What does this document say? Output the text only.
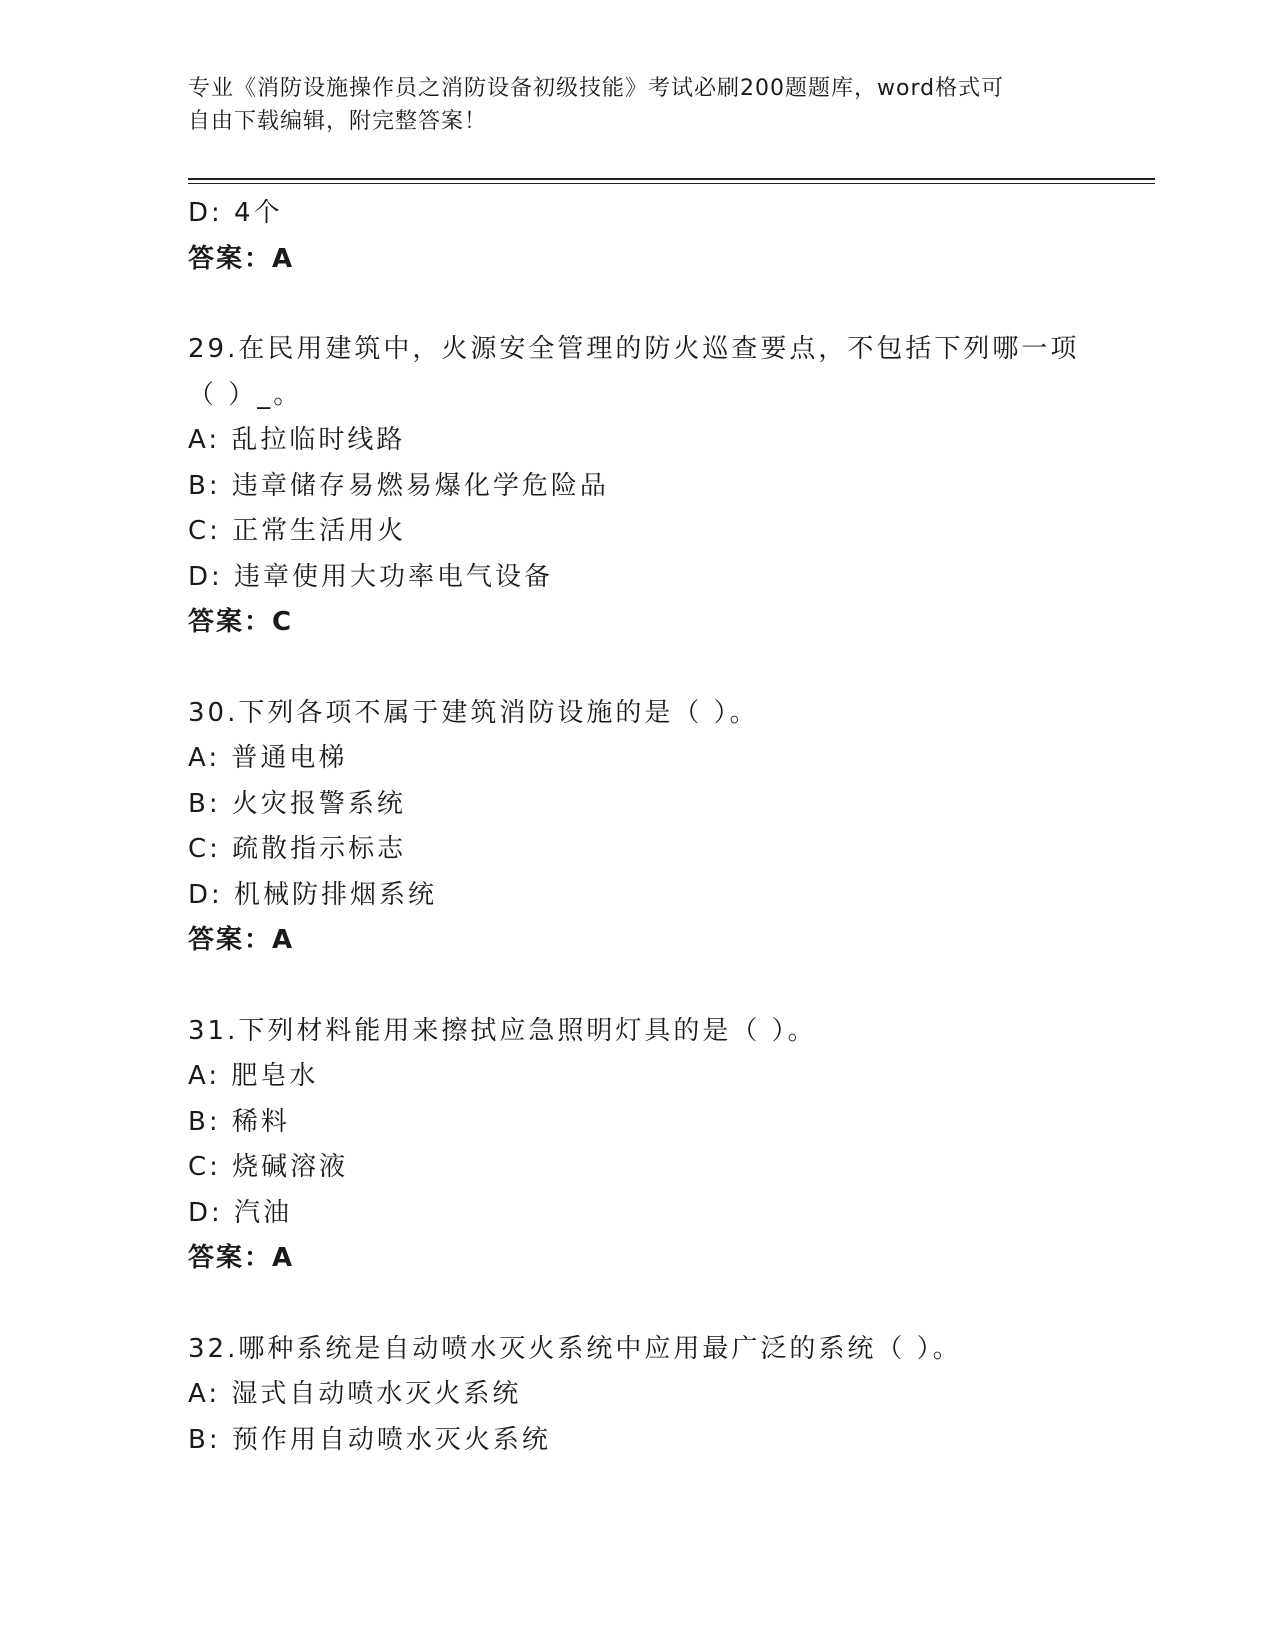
专业《消防设施操作员之消防设备初级技能》考试必刷200题题库，word格式可
自由下载编辑，附完整答案！
D: 4个
答案：A
29.在民用建筑中，火源安全管理的防火巡查要点，不包括下列哪一项
（ ）_。
A: 乱拉临时线路
B: 违章储存易燃易爆化学危险品
C: 正常生活用火
D: 违章使用大功率电气设备
答案：C
30.下列各项不属于建筑消防设施的是（ ）。
A: 普通电梯
B: 火灾报警系统
C: 疏散指示标志
D: 机械防排烟系统
答案：A
31.下列材料能用来擦拭应急照明灯具的是（ ）。
A: 肥皂水
B: 稀料
C: 烧碱溶液
D: 汽油
答案：A
32.哪种系统是自动喷水灭火系统中应用最广泛的系统（ ）。
A: 湿式自动喷水灭火系统
B: 预作用自动喷水灭火系统
